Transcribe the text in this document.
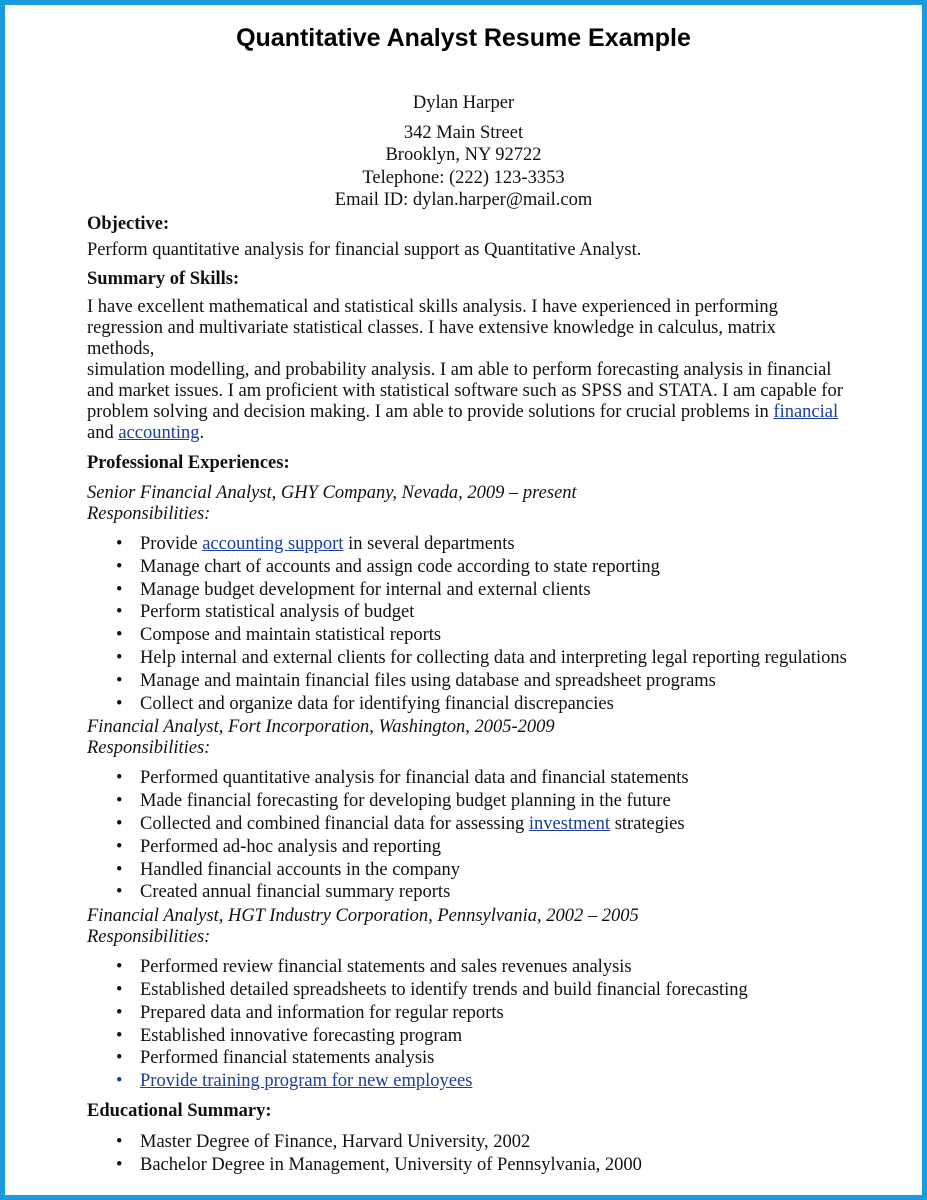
Quantitative Analyst Resume Example
Dylan Harper
342 Main Street
Brooklyn, NY 92722
Telephone: (222) 123-3353
Email ID: dylan.harper@mail.com
Objective:
Perform quantitative analysis for financial support as Quantitative Analyst.
Summary of Skills:
I have excellent mathematical and statistical skills analysis. I have experienced in performing
regression and multivariate statistical classes. I have extensive knowledge in calculus, matrix methods,
simulation modelling, and probability analysis. I am able to perform forecasting analysis in financial
and market issues. I am proficient with statistical software such as SPSS and STATA. I am capable for
problem solving and decision making. I am able to provide solutions for crucial problems in financial
and accounting.
Professional Experiences:
Senior Financial Analyst, GHY Company, Nevada, 2009 – present
Responsibilities:
• Provide accounting support in several departments
• Manage chart of accounts and assign code according to state reporting
• Manage budget development for internal and external clients
• Perform statistical analysis of budget
• Compose and maintain statistical reports
• Help internal and external clients for collecting data and interpreting legal reporting regulations
• Manage and maintain financial files using database and spreadsheet programs
• Collect and organize data for identifying financial discrepancies
Financial Analyst, Fort Incorporation, Washington, 2005-2009
Responsibilities:
• Performed quantitative analysis for financial data and financial statements
• Made financial forecasting for developing budget planning in the future
• Collected and combined financial data for assessing investment strategies
• Performed ad-hoc analysis and reporting
• Handled financial accounts in the company
• Created annual financial summary reports
Financial Analyst, HGT Industry Corporation, Pennsylvania, 2002 – 2005
Responsibilities:
• Performed review financial statements and sales revenues analysis
• Established detailed spreadsheets to identify trends and build financial forecasting
• Prepared data and information for regular reports
• Established innovative forecasting program
• Performed financial statements analysis
• Provide training program for new employees
Educational Summary:
• Master Degree of Finance, Harvard University, 2002
• Bachelor Degree in Management, University of Pennsylvania, 2000
